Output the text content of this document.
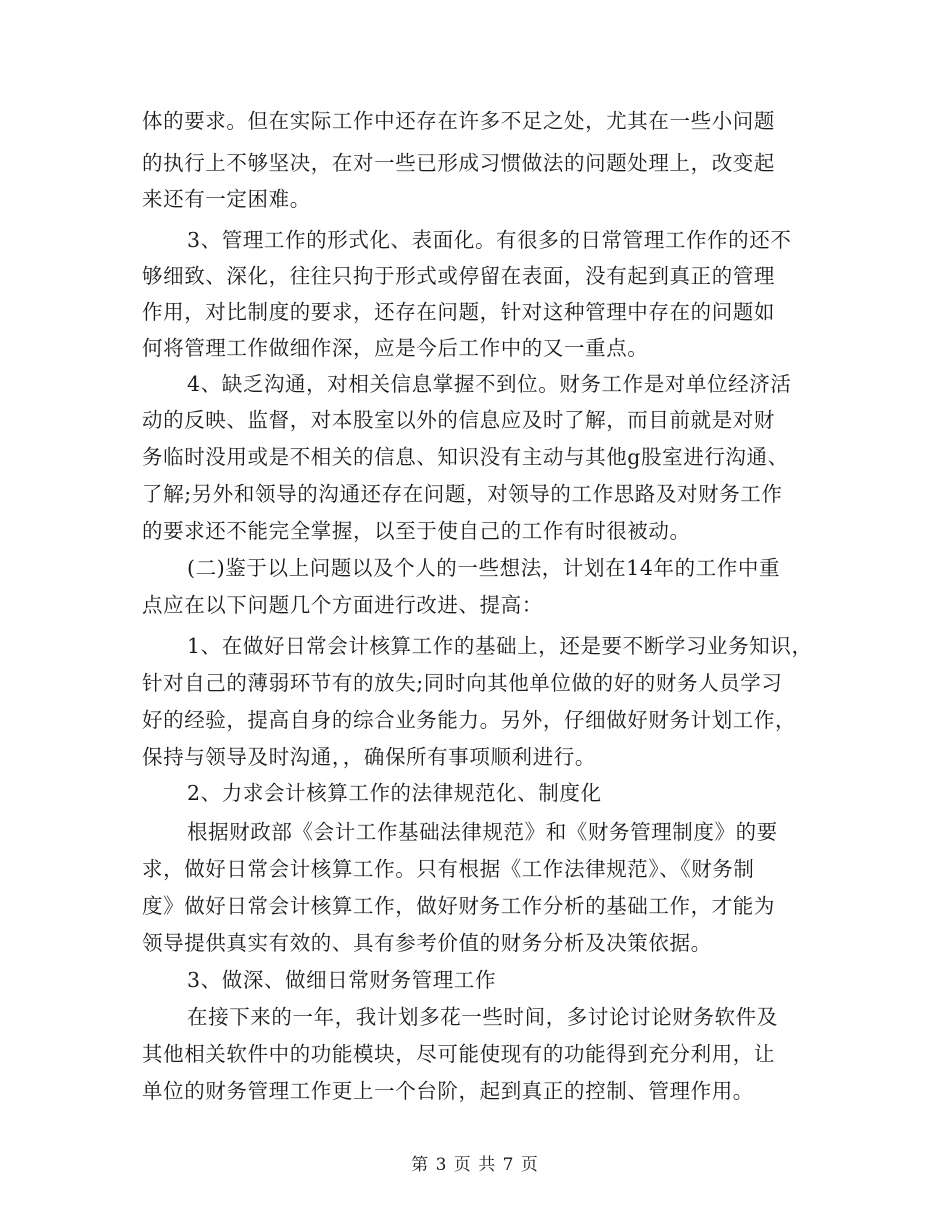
体的要求。但在实际工作中还存在许多不足之处，尤其在一些小问题
的执行上不够坚决，在对一些已形成习惯做法的问题处理上，改变起
来还有一定困难。
3、管理工作的形式化、表面化。有很多的日常管理工作作的还不
够细致、深化，往往只拘于形式或停留在表面，没有起到真正的管理
作用，对比制度的要求，还存在问题，针对这种管理中存在的问题如
何将管理工作做细作深，应是今后工作中的又一重点。
4、缺乏沟通，对相关信息掌握不到位。财务工作是对单位经济活
动的反映、监督，对本股室以外的信息应及时了解，而目前就是对财
务临时没用或是不相关的信息、知识没有主动与其他g股室进行沟通、
了解;另外和领导的沟通还存在问题，对领导的工作思路及对财务工作
的要求还不能完全掌握，以至于使自己的工作有时很被动。
(二)鉴于以上问题以及个人的一些想法，计划在14年的工作中重
点应在以下问题几个方面进行改进、提高：
1、在做好日常会计核算工作的基础上，还是要不断学习业务知识，
针对自己的薄弱环节有的放失;同时向其他单位做的好的财务人员学习
好的经验，提高自身的综合业务能力。另外，仔细做好财务计划工作，
保持与领导及时沟通，，确保所有事项顺利进行。
2、力求会计核算工作的法律规范化、制度化
根据财政部《会计工作基础法律规范》和《财务管理制度》的要
求，做好日常会计核算工作。只有根据《工作法律规范》、《财务制
度》做好日常会计核算工作，做好财务工作分析的基础工作，才能为
领导提供真实有效的、具有参考价值的财务分析及决策依据。
3、做深、做细日常财务管理工作
在接下来的一年，我计划多花一些时间，多讨论讨论财务软件及
其他相关软件中的功能模块，尽可能使现有的功能得到充分利用，让
单位的财务管理工作更上一个台阶，起到真正的控制、管理作用。
第 3 页 共 7 页
